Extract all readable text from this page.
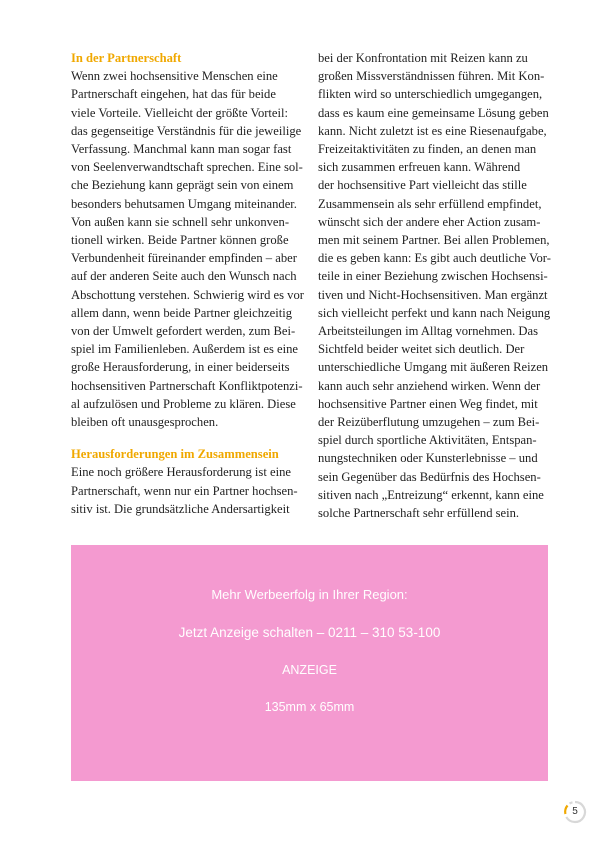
In der Partnerschaft
Wenn zwei hochsensitive Menschen eine
Partnerschaft eingehen, hat das für beide
viele Vorteile. Vielleicht der größte Vorteil:
das gegenseitige Verständnis für die jeweilige
Verfassung. Manchmal kann man sogar fast
von Seelenverwandtschaft sprechen. Eine sol-
che Beziehung kann geprägt sein von einem
besonders behutsamen Umgang miteinander.
Von außen kann sie schnell sehr unkonven-
tionell wirken. Beide Partner können große
Verbundenheit füreinander empfinden – aber
auf der anderen Seite auch den Wunsch nach
Abschottung verstehen. Schwierig wird es vor
allem dann, wenn beide Partner gleichzeitig
von der Umwelt gefordert werden, zum Bei-
spiel im Familienleben. Außerdem ist es eine
große Herausforderung, in einer beiderseits
hochsensitiven Partnerschaft Konfliktpotenzi-
al aufzulösen und Probleme zu klären. Diese
bleiben oft unausgesprochen.
Herausforderungen im Zusammensein
Eine noch größere Herausforderung ist eine
Partnerschaft, wenn nur ein Partner hochsen-
sitiv ist. Die grundsätzliche Andersartigkeit
bei der Konfrontation mit Reizen kann zu
großen Missverständnissen führen. Mit Kon-
flikten wird so unterschiedlich umgegangen,
dass es kaum eine gemeinsame Lösung geben
kann. Nicht zuletzt ist es eine Riesenaufgabe,
Freizeitaktivitäten zu finden, an denen man
sich zusammen erfreuen kann. Während
der hochsensitive Part vielleicht das stille
Zusammensein als sehr erfüllend empfindet,
wünscht sich der andere eher Action zusam-
men mit seinem Partner. Bei allen Problemen,
die es geben kann: Es gibt auch deutliche Vor-
teile in einer Beziehung zwischen Hochsensi-
tiven und Nicht-Hochsensitiven. Man ergänzt
sich vielleicht perfekt und kann nach Neigung
Arbeitsteilungen im Alltag vornehmen. Das
Sichtfeld beider weitet sich deutlich. Der
unterschiedliche Umgang mit äußeren Reizen
kann auch sehr anziehend wirken. Wenn der
hochsensitive Partner einen Weg findet, mit
der Reizüberflutung umzugehen – zum Bei-
spiel durch sportliche Aktivitäten, Entspan-
nungstechniken oder Kunsterlebnisse – und
sein Gegenüber das Bedürfnis des Hochsen-
sitiven nach „Entreizung“ erkennt, kann eine
solche Partnerschaft sehr erfüllend sein.
Mehr Werbeerfolg in Ihrer Region:
Jetzt Anzeige schalten – 0211 – 310 53-100
ANZEIGE
135mm x 65mm
5
